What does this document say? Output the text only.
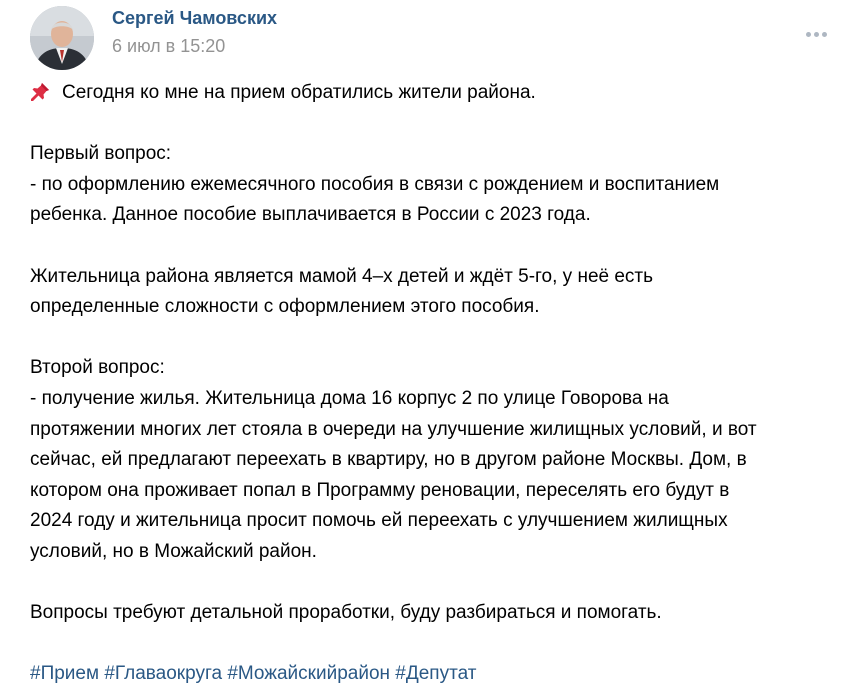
Сергей Чамовских
6 июл в 15:20

Сегодня ко мне на прием обратились жители района.

Первый вопрос:

- по оформлению ежемесячного пособия в связи с рождением и воспитанием

ребенка. Данное пособие выплачивается в России с 2023 года.

Жительница района является мамой 4–х детей и ждёт 5-го, у неё есть

определенные сложности с оформлением этого пособия.

Второй вопрос:

- получение жилья. Жительница дома 16 корпус 2 по улице Говорова на

протяжении многих лет стояла в очереди на улучшение жилищных условий, и вот

сейчас, ей предлагают переехать в квартиру, но в другом районе Москвы. Дом, в

котором она проживает попал в Программу реновации, переселять его будут в

2024 году и жительница просит помочь ей переехать с улучшением жилищных

условий, но в Можайский район.

Вопросы требуют детальной проработки, буду разбираться и помогать.

#Прием #Главаокруга #Можайскийрайон #Депутат
